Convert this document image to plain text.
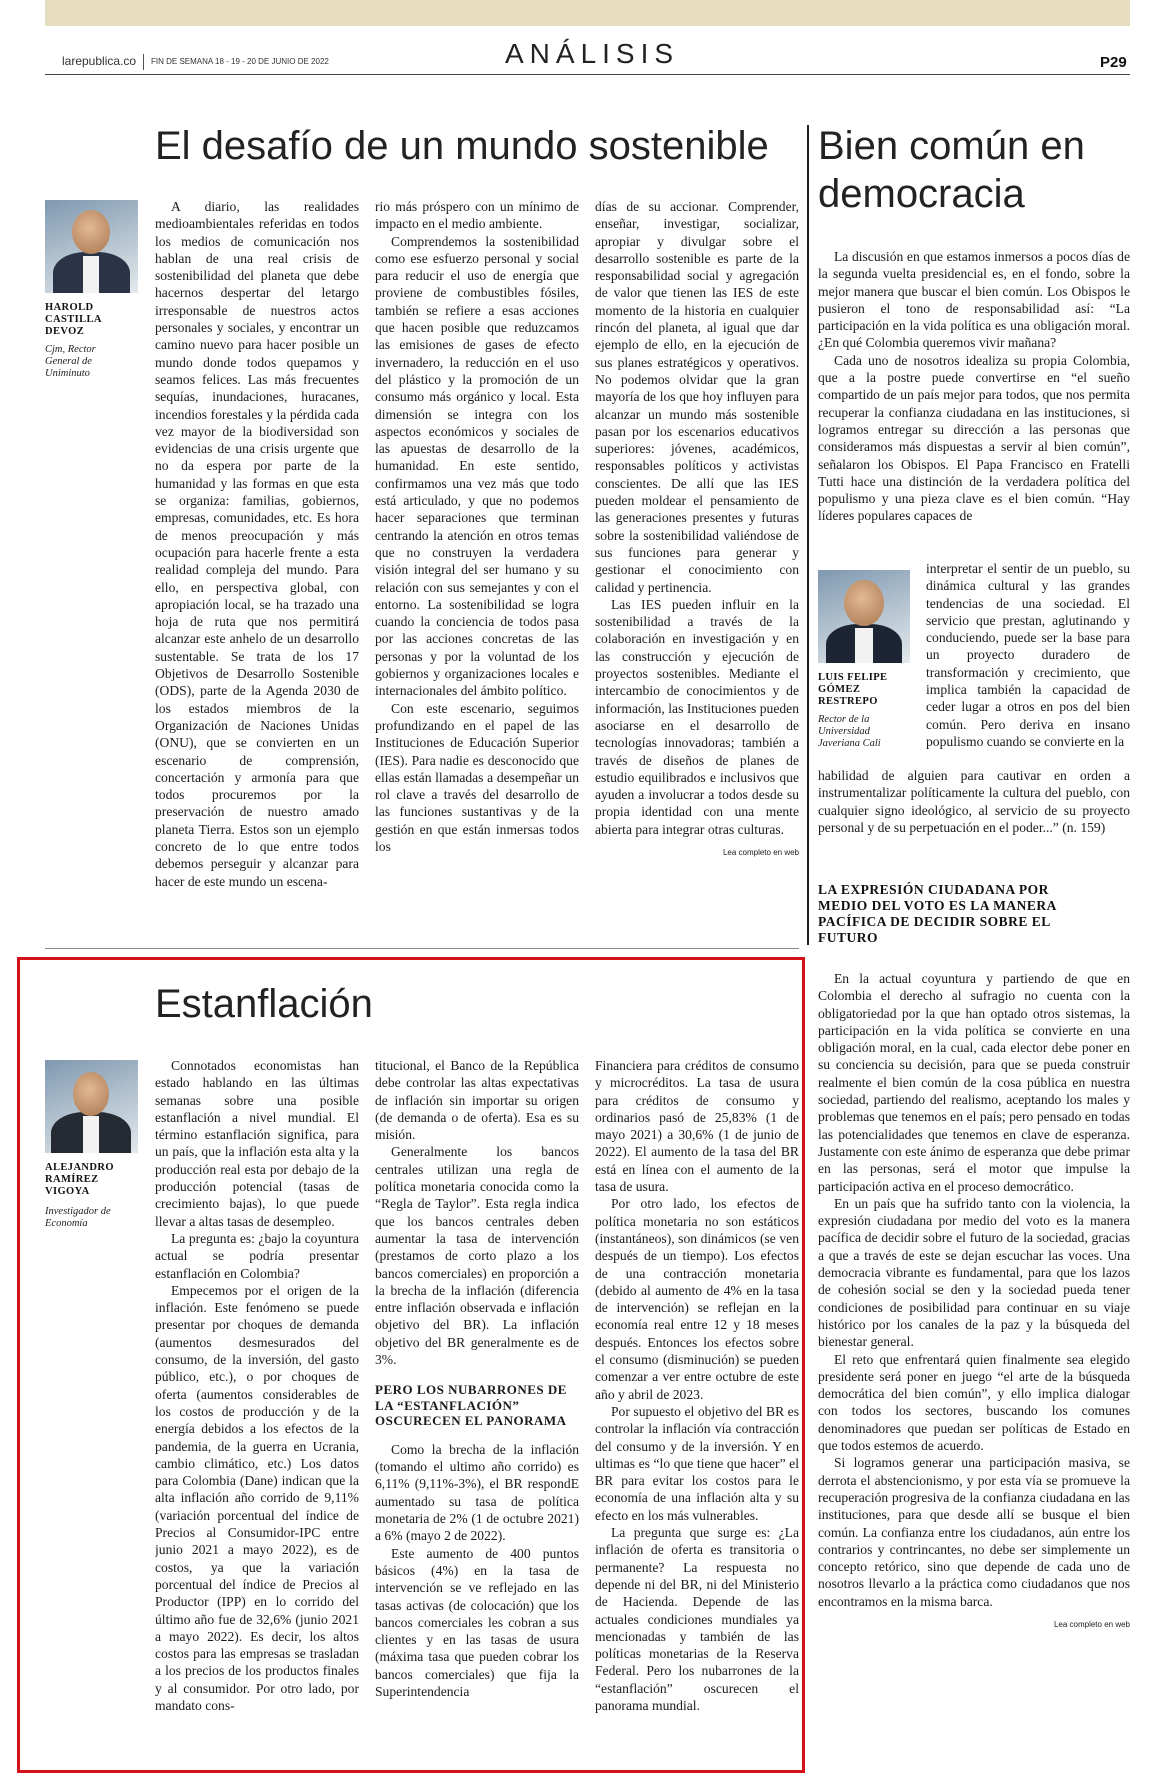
larepublica.co FIN DE SEMANA 18 - 19 - 20 DE JUNIO DE 2022	ANÁLISIS	P29
El desafío de un mundo sostenible

HAROLD CASTILLA DEVOZ

Cjm, Rector General de Uniminuto

A diario, las realidades medioambientales referidas en todos los medios de comunicación nos hablan de una real crisis de sostenibilidad del planeta que debe hacernos despertar del letargo irresponsable de nuestros actos personales y sociales, y encontrar un camino nuevo para hacer posible un mundo donde todos quepamos y seamos felices. Las más frecuentes sequías, inundaciones, huracanes, incendios forestales y la pérdida cada vez mayor de la biodiversidad son evidencias de una crisis urgente que no da espera por parte de la humanidad y las formas en que esta se organiza: familias, gobiernos, empresas, comunidades, etc. Es hora de menos preocupación y más ocupación para hacerle frente a esta realidad compleja del mundo. Para ello, en perspectiva global, con apropiación local, se ha trazado una hoja de ruta que nos permitirá alcanzar este anhelo de un desarrollo sustentable. Se trata de los 17 Objetivos de Desarrollo Sostenible (ODS), parte de la Agenda 2030 de los estados miembros de la Organización de Naciones Unidas (ONU), que se convierten en un escenario de comprensión, concertación y armonía para que todos procuremos por la preservación de nuestro amado planeta Tierra. Estos son un ejemplo concreto de lo que entre todos debemos perseguir y alcanzar para hacer de este mundo un escena-

rio más próspero con un mínimo de impacto en el medio ambiente.

Comprendemos la sostenibilidad como ese esfuerzo personal y social para reducir el uso de energía que proviene de combustibles fósiles, también se refiere a esas acciones que hacen posible que reduzcamos las emisiones de gases de efecto invernadero, la reducción en el uso del plástico y la promoción de un consumo más orgánico y local. Esta dimensión se integra con los aspectos económicos y sociales de las apuestas de desarrollo de la humanidad. En este sentido, confirmamos una vez más que todo está articulado, y que no podemos hacer separaciones que terminan centrando la atención en otros temas que no construyen la verdadera visión integral del ser humano y su relación con sus semejantes y con el entorno. La sostenibilidad se logra cuando la conciencia de todos pasa por las acciones concretas de las personas y por la voluntad de los gobiernos y organizaciones locales e internacionales del ámbito político.

Con este escenario, seguimos profundizando en el papel de las Instituciones de Educación Superior (IES). Para nadie es desconocido que ellas están llamadas a desempeñar un rol clave a través del desarrollo de las funciones sustantivas y de la gestión en que están inmersas todos los

días de su accionar. Comprender, enseñar, investigar, socializar, apropiar y divulgar sobre el desarrollo sostenible es parte de la responsabilidad social y agregación de valor que tienen las IES de este momento de la historia en cualquier rincón del planeta, al igual que dar ejemplo de ello, en la ejecución de sus planes estratégicos y operativos. No podemos olvidar que la gran mayoría de los que hoy influyen para alcanzar un mundo más sostenible pasan por los escenarios educativos superiores: jóvenes, académicos, responsables políticos y activistas conscientes. De allí que las IES pueden moldear el pensamiento de las generaciones presentes y futuras sobre la sostenibilidad valiéndose de sus funciones para generar y gestionar el conocimiento con calidad y pertinencia.

Las IES pueden influir en la sostenibilidad a través de la colaboración en investigación y en las construcción y ejecución de proyectos sostenibles. Mediante el intercambio de conocimientos y de información, las Instituciones pueden asociarse en el desarrollo de tecnologías innovadoras; también a través de diseños de planes de estudio equilibrados e inclusivos que ayuden a involucrar a todos desde su propia identidad con una mente abierta para integrar otras culturas.

Lea completo en web
Bien común en democracia

La discusión en que estamos inmersos a pocos días de la segunda vuelta presidencial es, en el fondo, sobre la mejor manera que buscar el bien común. Los Obispos le pusieron el tono de responsabilidad así: “La participación en la vida política es una obligación moral. ¿En qué Colombia queremos vivir mañana?

Cada uno de nosotros idealiza su propia Colombia, que a la postre puede convertirse en “el sueño compartido de un país mejor para todos, que nos permita recuperar la confianza ciudadana en las instituciones, si logramos entregar su dirección a las personas que consideramos más dispuestas a servir al bien común”, señalaron los Obispos. El Papa Francisco en Fratelli Tutti hace una distinción de la verdadera política del populismo y una pieza clave es el bien común. “Hay líderes populares capaces de

LUIS FELIPE GÓMEZ RESTREPO

Rector de la Universidad Javeriana Cali

interpretar el sentir de un pueblo, su dinámica cultural y las grandes tendencias de una sociedad. El servicio que prestan, aglutinando y conduciendo, puede ser la base para un proyecto duradero de transformación y crecimiento, que implica también la capacidad de ceder lugar a otros en pos del bien común. Pero deriva en insano populismo cuando se convierte en la

habilidad de alguien para cautivar en orden a instrumentalizar políticamente la cultura del pueblo, con cualquier signo ideológico, al servicio de su proyecto personal y de su perpetuación en el poder...” (n. 159)

LA EXPRESIÓN CIUDADANA POR MEDIO DEL VOTO ES LA MANERA PACÍFICA DE DECIDIR SOBRE EL FUTURO

En la actual coyuntura y partiendo de que en Colombia el derecho al sufragio no cuenta con la obligatoriedad por la que han optado otros sistemas, la participación en la vida política se convierte en una obligación moral, en la cual, cada elector debe poner en su conciencia su decisión, para que se pueda construir realmente el bien común de la cosa pública en nuestra sociedad, partiendo del realismo, aceptando los males y problemas que tenemos en el país; pero pensado en todas las potencialidades que tenemos en clave de esperanza. Justamente con este ánimo de esperanza que debe primar en las personas, será el motor que impulse la participación activa en el proceso democrático.

En un país que ha sufrido tanto con la violencia, la expresión ciudadana por medio del voto es la manera pacífica de decidir sobre el futuro de la sociedad, gracias a que a través de este se dejan escuchar las voces. Una democracia vibrante es fundamental, para que los lazos de cohesión social se den y la sociedad pueda tener condiciones de posibilidad para continuar en su viaje histórico por los canales de la paz y la búsqueda del bienestar general.

El reto que enfrentará quien finalmente sea elegido presidente será poner en juego “el arte de la búsqueda democrática del bien común”, y ello implica dialogar con todos los sectores, buscando los comunes denominadores que puedan ser políticas de Estado en que todos estemos de acuerdo.

Si logramos generar una participación masiva, se derrota el abstencionismo, y por esta vía se promueve la recuperación progresiva de la confianza ciudadana en las instituciones, para que desde allí se busque el bien común. La confianza entre los ciudadanos, aún entre los contrarios y contrincantes, no debe ser simplemente un concepto retórico, sino que depende de cada uno de nosotros llevarlo a la práctica como ciudadanos que nos encontramos en la misma barca.

Lea completo en web
Estanflación

ALEJANDRO RAMÍREZ VIGOYA

Investigador de Economía

Connotados economistas han estado hablando en las últimas semanas sobre una posible estanflación a nivel mundial. El término estanflación significa, para un país, que la inflación esta alta y la producción real esta por debajo de la producción potencial (tasas de crecimiento bajas), lo que puede llevar a altas tasas de desempleo.

La pregunta es: ¿bajo la coyuntura actual se podría presentar estanflación en Colombia?

Empecemos por el origen de la inflación. Este fenómeno se puede presentar por choques de demanda (aumentos desmesurados del consumo, de la inversión, del gasto público, etc.), o por choques de oferta (aumentos considerables de los costos de producción y de la energía debidos a los efectos de la pandemia, de la guerra en Ucrania, cambio climático, etc.) Los datos para Colombia (Dane) indican que la alta inflación año corrido de 9,11% (variación porcentual del índice de Precios al Consumidor-IPC entre junio 2021 a mayo 2022), es de costos, ya que la variación porcentual del índice de Precios al Productor (IPP) en lo corrido del último año fue de 32,6% (junio 2021 a mayo 2022). Es decir, los altos costos para las empresas se trasladan a los precios de los productos finales y al consumidor. Por otro lado, por mandato cons-

titucional, el Banco de la República debe controlar las altas expectativas de inflación sin importar su origen (de demanda o de oferta). Esa es su misión.

Generalmente los bancos centrales utilizan una regla de política monetaria conocida como la “Regla de Taylor”. Esta regla indica que los bancos centrales deben aumentar la tasa de intervención (prestamos de corto plazo a los bancos comerciales) en proporción a la brecha de la inflación (diferencia entre inflación observada e inflación objetivo del BR). La inflación objetivo del BR generalmente es de 3%.

PERO LOS NUBARRONES DE LA “ESTANFLACIÓN” OSCURECEN EL PANORAMA

Como la brecha de la inflación (tomando el ultimo año corrido) es 6,11% (9,11%-3%), el BR respondE aumentado su tasa de política monetaria de 2% (1 de octubre 2021) a 6% (mayo 2 de 2022).

Este aumento de 400 puntos básicos (4%) en la tasa de intervención se ve reflejado en las tasas activas (de colocación) que los bancos comerciales les cobran a sus clientes y en las tasas de usura (máxima tasa que pueden cobrar los bancos comerciales) que fija la Superintendencia

Financiera para créditos de consumo y microcréditos. La tasa de usura para créditos de consumo y ordinarios pasó de 25,83% (1 de mayo 2021) a 30,6% (1 de junio de 2022). El aumento de la tasa del BR está en línea con el aumento de la tasa de usura.

Por otro lado, los efectos de política monetaria no son estáticos (instantáneos), son dinámicos (se ven después de un tiempo). Los efectos de una contracción monetaria (debido al aumento de 4% en la tasa de intervención) se reflejan en la economía real entre 12 y 18 meses después. Entonces los efectos sobre el consumo (disminución) se pueden comenzar a ver entre octubre de este año y abril de 2023.

Por supuesto el objetivo del BR es controlar la inflación vía contracción del consumo y de la inversión. Y en ultimas es “lo que tiene que hacer” el BR para evitar los costos para le economía de una inflación alta y su efecto en los más vulnerables.

La pregunta que surge es: ¿La inflación de oferta es transitoria o permanente? La respuesta no depende ni del BR, ni del Ministerio de Hacienda. Depende de las actuales condiciones mundiales ya mencionadas y también de las políticas monetarias de la Reserva Federal. Pero los nubarrones de la “estanflación” oscurecen el panorama mundial.
